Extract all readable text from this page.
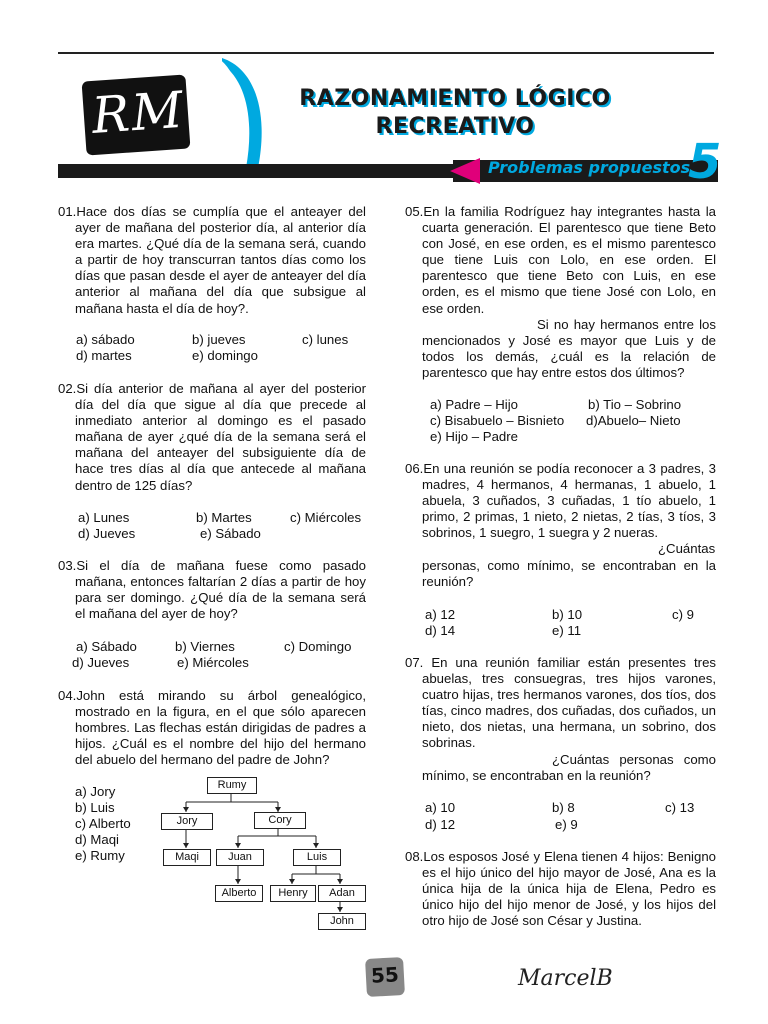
RM	RAZONAMIENTO LÓGICO
RECREATIVO
Problemas propuestos
5

01.Hace dos días se cumplía que el anteayer del ayer de mañana del posterior día, al anterior día era martes. ¿Qué día de la semana será, cuando a partir de hoy transcurran tantos días como los días que pasan desde el ayer de anteayer del día anterior al mañana del día que subsigue al mañana hasta el día de hoy?.

a) sábado	b) jueves	c) lunes
d) martes	e) domingo

02.Si día anterior de mañana al ayer del posterior día del día que sigue al día que precede al inmediato anterior al domingo es el pasado mañana de ayer ¿qué día de la semana será el mañana del anteayer del subsiguiente día de hace tres días al día que antecede al mañana dentro de 125 días?

a) Lunes	b) Martes	c) Miércoles
d) Jueves	e) Sábado

03.Si el día de mañana fuese como pasado mañana, entonces faltarían 2 días a partir de hoy para ser domingo. ¿Qué día de la semana será el mañana del ayer de hoy?

a) Sábado	b) Viernes	c) Domingo
d) Jueves	e) Miércoles

04.John está mirando su árbol genealógico, mostrado en la figura, en el que sólo aparecen hombres. Las flechas están dirigidas de padres a hijos. ¿Cuál es el nombre del hijo del hermano del abuelo del hermano del padre de John?

a) Jory
b) Luis
c) Alberto
d) Maqi
e) Rumy
Rumy
Jory	Cory
Maqi	Juan	Luis
Alberto	Henry	Adan
John

05.En la familia Rodríguez hay integrantes hasta la cuarta generación. El parentesco que tiene Beto con José, en ese orden, es el mismo parentesco que tiene Luis con Lolo, en ese orden. El parentesco que tiene Beto con Luis, en ese orden, es el mismo que tiene José con Lolo, en ese orden.

Si no hay hermanos entre los mencionados y José es mayor que Luis y de todos los demás, ¿cuál es la relación de parentesco que hay entre estos dos últimos?

a) Padre – Hijo	b) Tio – Sobrino
c) Bisabuelo – Bisnieto d)Abuelo– Nieto
e) Hijo – Padre

06.En una reunión se podía reconocer a 3 padres, 3 madres, 4 hermanos, 4 hermanas, 1 abuelo, 1 abuela, 3 cuñados, 3 cuñadas, 1 tío abuelo, 1 primo, 2 primas, 1 nieto, 2 nietas, 2 tías, 3 tíos, 3 sobrinos, 1 suegro, 1 suegra y 2 nueras.

¿Cuántas personas, como mínimo, se encontraban en la reunión?

a) 12	b) 10	c) 9
d) 14	e) 11

07. En una reunión familiar están presentes tres abuelas, tres consuegras, tres hijos varones, cuatro hijas, tres hermanos varones, dos tíos, dos tías, cinco madres, dos cuñadas, dos cuñados, un nieto, dos nietas, una hermana, un sobrino, dos sobrinas.

¿Cuántas personas como mínimo, se encontraban en la reunión?

a) 10	b) 8	c) 13
d) 12	e) 9

08.Los esposos José y Elena tienen 4 hijos: Benigno es el hijo único del hijo mayor de José, Ana es la única hija de la única hija de Elena, Pedro es único hijo del hijo menor de José, y los hijos del otro hijo de José son César y Justina.

55	MarcelB
